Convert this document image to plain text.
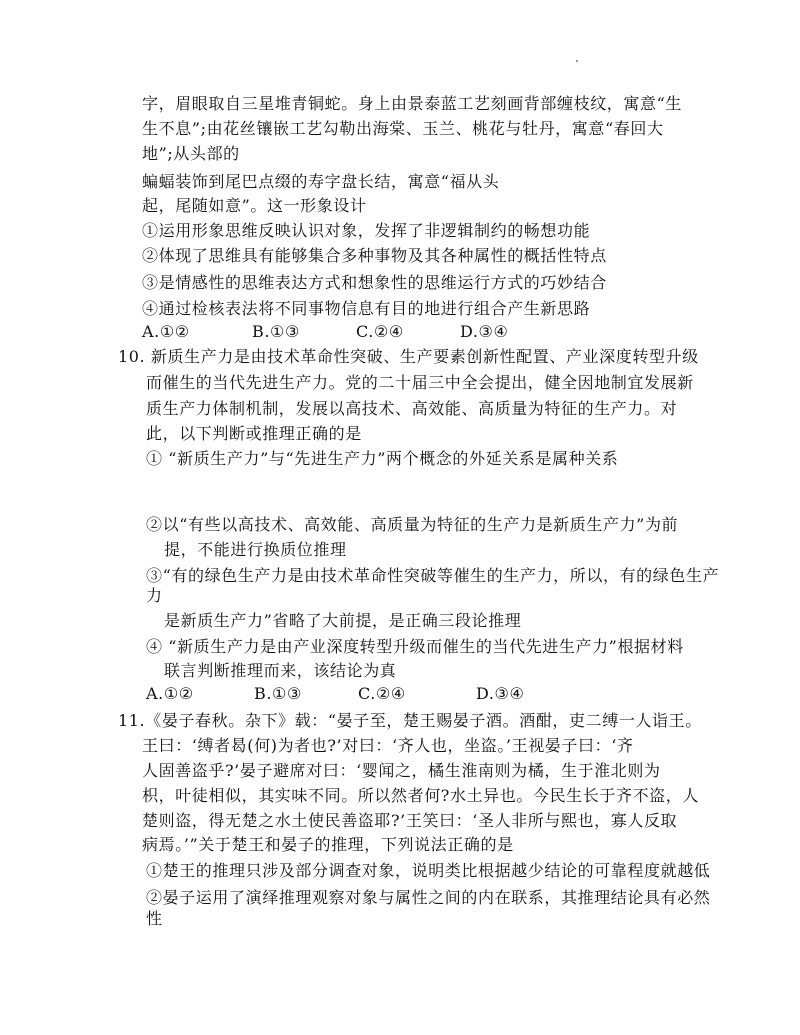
字，眉眼取自三星堆青铜蛇。身上由景泰蓝工艺刻画背部缠枝纹，寓意“生
生不息”;由花丝镶嵌工艺勾勒出海棠、玉兰、桃花与牡丹，寓意“春回大
地”;从头部的
蝙蝠装饰到尾巴点缀的寿字盘长结，寓意“福从头
起，尾随如意”。这一形象设计
①运用形象思维反映认识对象，发挥了非逻辑制约的畅想功能
②体现了思维具有能够集合多种事物及其各种属性的概括性特点
③是情感性的思维表达方式和想象性的思维运行方式的巧妙结合
④通过检核表法将不同事物信息有目的地进行组合产生新思路
A.①②	B.①③	C.②④	D.③④
10. 新质生产力是由技术革命性突破、生产要素创新性配置、产业深度转型升级
而催生的当代先进生产力。党的二十届三中全会提出，健全因地制宜发展新
质生产力体制机制，发展以高技术、高效能、高质量为特征的生产力。对
此，以下判断或推理正确的是
① “新质生产力”与“先进生产力”两个概念的外延关系是属种关系
②以“有些以高技术、高效能、高质量为特征的生产力是新质生产力”为前
提，不能进行换质位推理
③“有的绿色生产力是由技术革命性突破等催生的生产力，所以，有的绿色生产
力
是新质生产力”省略了大前提，是正确三段论推理
④ “新质生产力是由产业深度转型升级而催生的当代先进生产力”根据材料
联言判断推理而来，该结论为真
A.①②	B.①③	C.②④	D.③④
11.《晏子春秋。杂下》载：“晏子至，楚王赐晏子酒。酒酣，吏二缚一人诣王。
王曰：‘缚者曷(何)为者也?’对曰：‘齐人也，坐盗。’王视晏子曰：‘齐
人固善盗乎?’晏子避席对曰：‘婴闻之，橘生淮南则为橘，生于淮北则为
枳，叶徒相似，其实味不同。所以然者何?水土异也。今民生长于齐不盗，人
楚则盗，得无楚之水土使民善盗耶?’王笑曰：‘圣人非所与熙也，寡人反取
病焉。’”关于楚王和晏子的推理，下列说法正确的是
①楚王的推理只涉及部分调查对象，说明类比根据越少结论的可靠程度就越低
②晏子运用了演绎推理观察对象与属性之间的内在联系，其推理结论具有必然
性
